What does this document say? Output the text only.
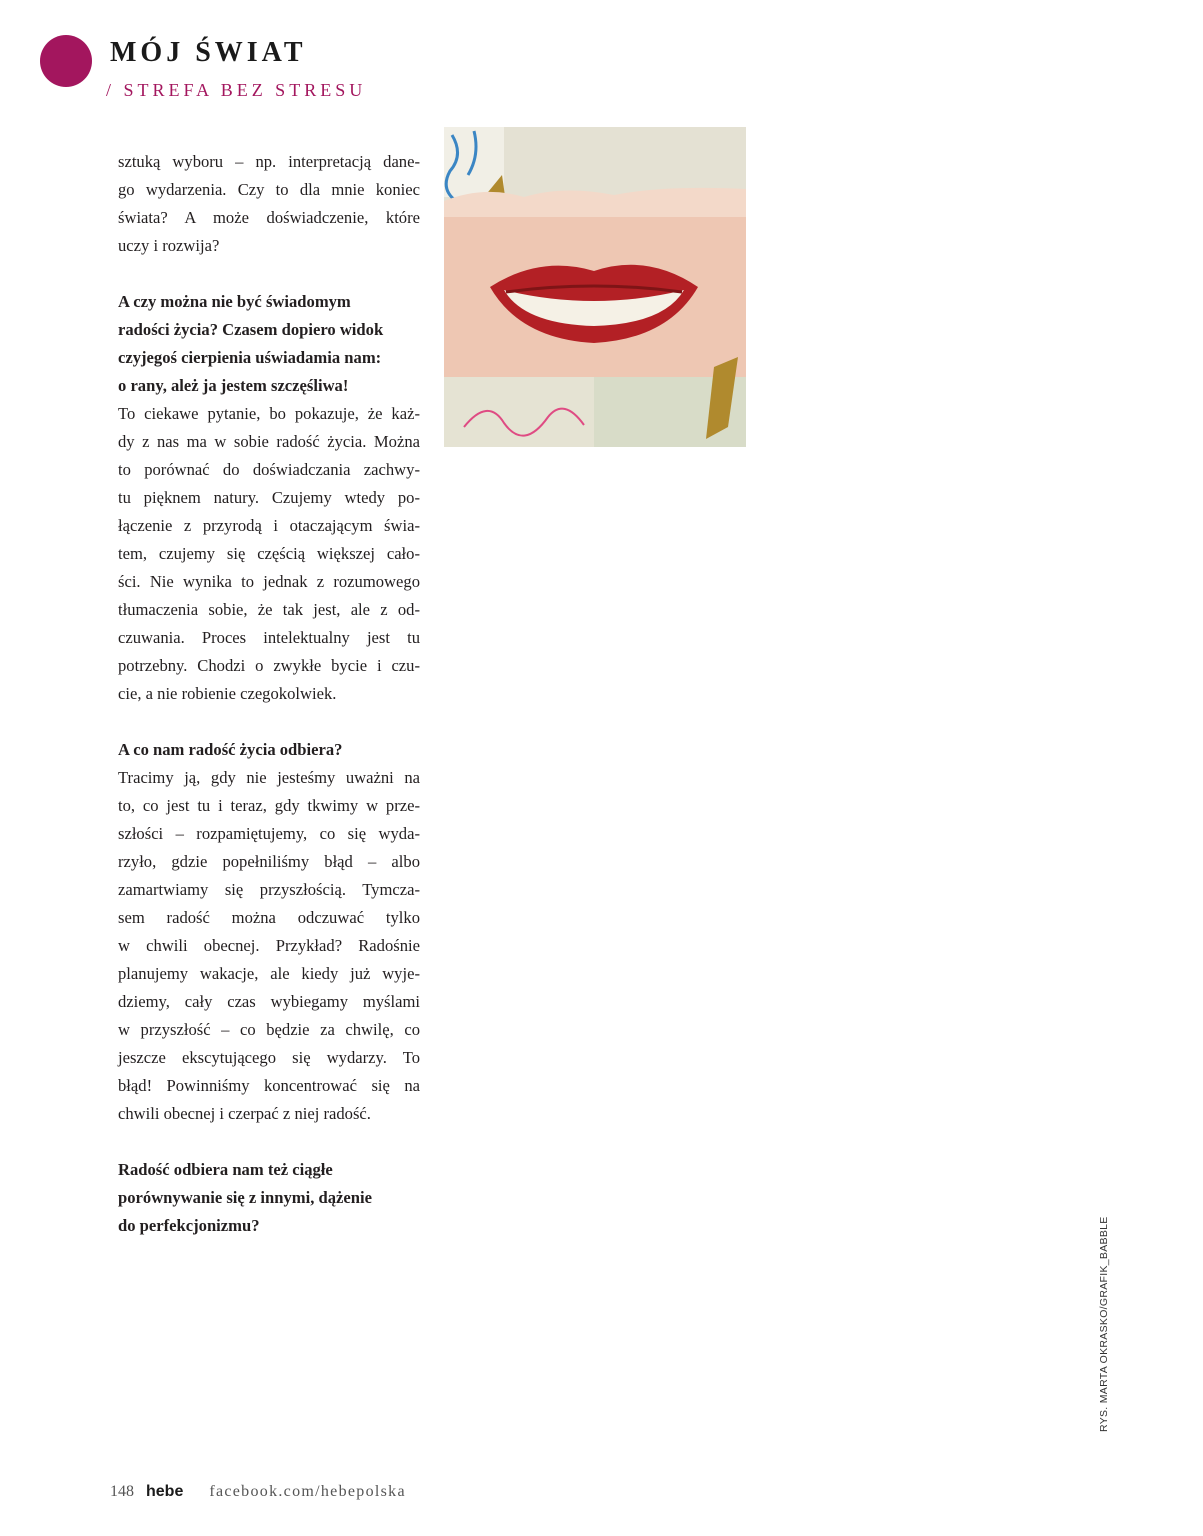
MÓJ ŚWIAT
/ STREFA BEZ STRESU

sztuką wyboru – np. interpretacją dane-

go wydarzenia. Czy to dla mnie koniec

świata? A może doświadczenie, które

uczy i rozwija?

A czy można nie być świadomym

radości życia? Czasem dopiero widok

czyjegoś cierpienia uświadamia nam:

o rany, ależ ja jestem szczęśliwa!

To ciekawe pytanie, bo pokazuje, że każ-

dy z nas ma w sobie radość życia. Można

to porównać do doświadczania zachwy-

tu pięknem natury. Czujemy wtedy po-

łączenie z przyrodą i otaczającym świa-

tem, czujemy się częścią większej cało-

ści. Nie wynika to jednak z rozumowego

tłumaczenia sobie, że tak jest, ale z od-

czuwania. Proces intelektualny jest tu

potrzebny. Chodzi o zwykłe bycie i czu-

cie, a nie robienie czegokolwiek.

A co nam radość życia odbiera?

Tracimy ją, gdy nie jesteśmy uważni na

to, co jest tu i teraz, gdy tkwimy w prze-

szłości – rozpamiętujemy, co się wyda-

rzyło, gdzie popełniliśmy błąd – albo

zamartwiamy się przyszłością. Tymcza-

sem radość można odczuwać tylko

w chwili obecnej. Przykład? Radośnie

planujemy wakacje, ale kiedy już wyje-

dziemy, cały czas wybiegamy myślami

w przyszłość – co będzie za chwilę, co

jeszcze ekscytującego się wydarzy. To

błąd! Powinniśmy koncentrować się na

chwili obecnej i czerpać z niej radość.

Radość odbiera nam też ciągłe

porównywanie się z innymi, dążenie

do perfekcjonizmu?	RYS. MARTA OKRASKO/GRAFIK_BABBLE
148 hebe facebook.com/hebepolska
